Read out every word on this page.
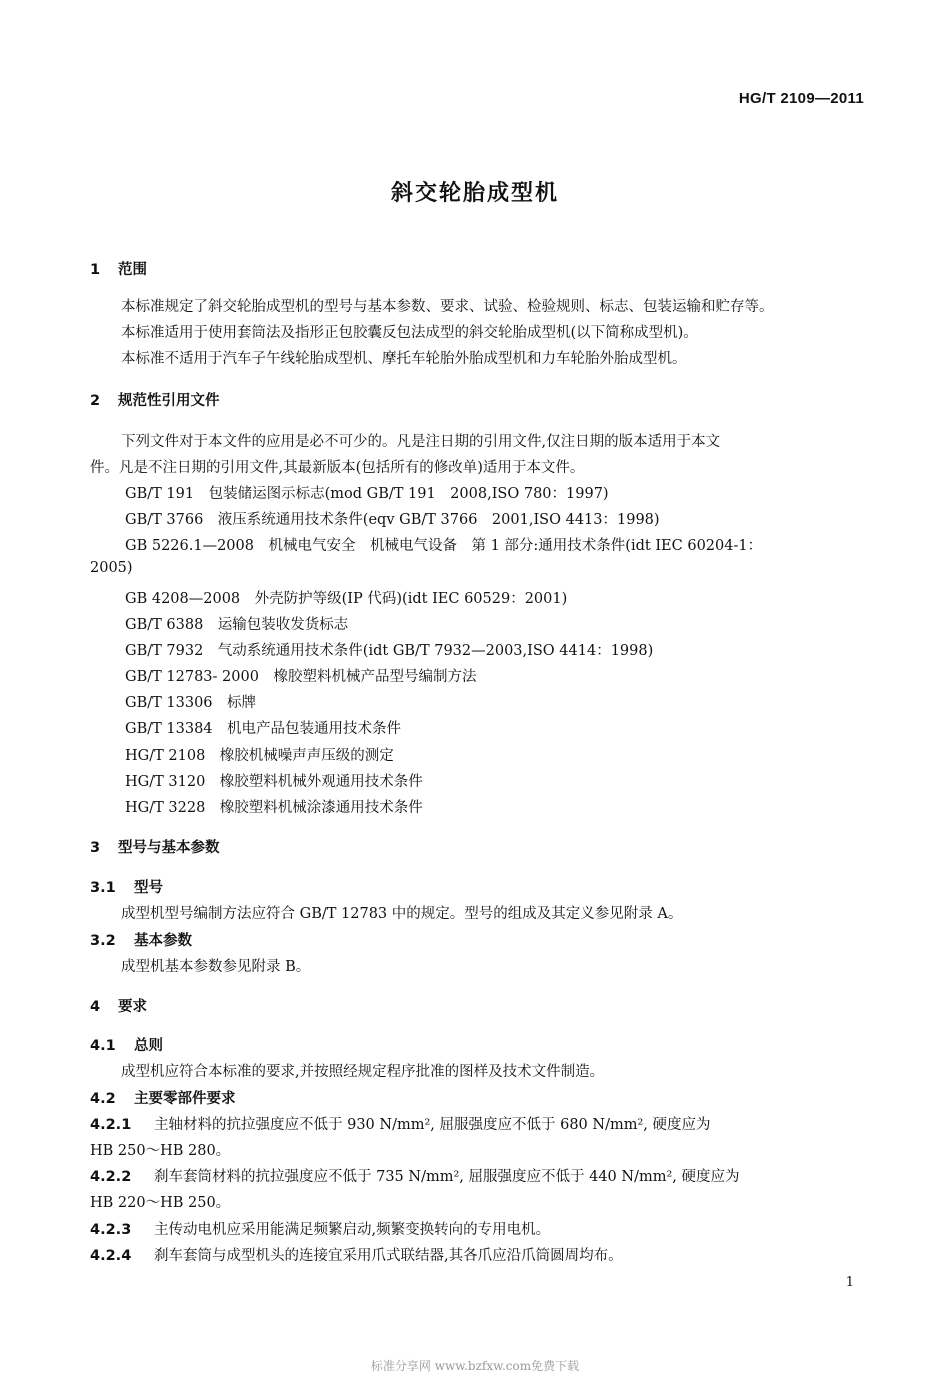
HG/T 2109—2011
斜交轮胎成型机
1 范围
本标准规定了斜交轮胎成型机的型号与基本参数、要求、试验、检验规则、标志、包装运输和贮存等。
本标准适用于使用套筒法及指形正包胶囊反包法成型的斜交轮胎成型机(以下简称成型机)。
本标准不适用于汽车子午线轮胎成型机、摩托车轮胎外胎成型机和力车轮胎外胎成型机。
2 规范性引用文件
下列文件对于本文件的应用是必不可少的。凡是注日期的引用文件,仅注日期的版本适用于本文
件。凡是不注日期的引用文件,其最新版本(包括所有的修改单)适用于本文件。
GB/T 191　包装储运图示标志(mod GB/T 191　2008,ISO 780：1997)
GB/T 3766　液压系统通用技术条件(eqv GB/T 3766　2001,ISO 4413：1998)
GB 5226.1—2008　机械电气安全　机械电气设备　第 1 部分:通用技术条件(idt IEC 60204-1：
2005)
GB 4208—2008　外壳防护等级(IP 代码)(idt IEC 60529：2001)
GB/T 6388　运输包装收发货标志
GB/T 7932　气动系统通用技术条件(idt GB/T 7932—2003,ISO 4414：1998)
GB/T 12783- 2000　橡胶塑料机械产品型号编制方法
GB/T 13306　标牌
GB/T 13384　机电产品包装通用技术条件
HG/T 2108　橡胶机械噪声声压级的测定
HG/T 3120　橡胶塑料机械外观通用技术条件
HG/T 3228　橡胶塑料机械涂漆通用技术条件
3 型号与基本参数
3.1 型号
成型机型号编制方法应符合 GB/T 12783 中的规定。型号的组成及其定义参见附录 A。
3.2 基本参数
成型机基本参数参见附录 B。
4 要求
4.1 总则
成型机应符合本标准的要求,并按照经规定程序批准的图样及技术文件制造。
4.2 主要零部件要求
4.2.1 主轴材料的抗拉强度应不低于 930 N/mm², 屈服强度应不低于 680 N/mm², 硬度应为
HB 250～HB 280。
4.2.2 刹车套筒材料的抗拉强度应不低于 735 N/mm², 屈服强度应不低于 440 N/mm², 硬度应为
HB 220～HB 250。
4.2.3 主传动电机应采用能满足频繁启动,频繁变换转向的专用电机。
4.2.4 刹车套筒与成型机头的连接宜采用爪式联结器,其各爪应沿爪筒圆周均布。
1
标准分享网 www.bzfxw.com免费下载
